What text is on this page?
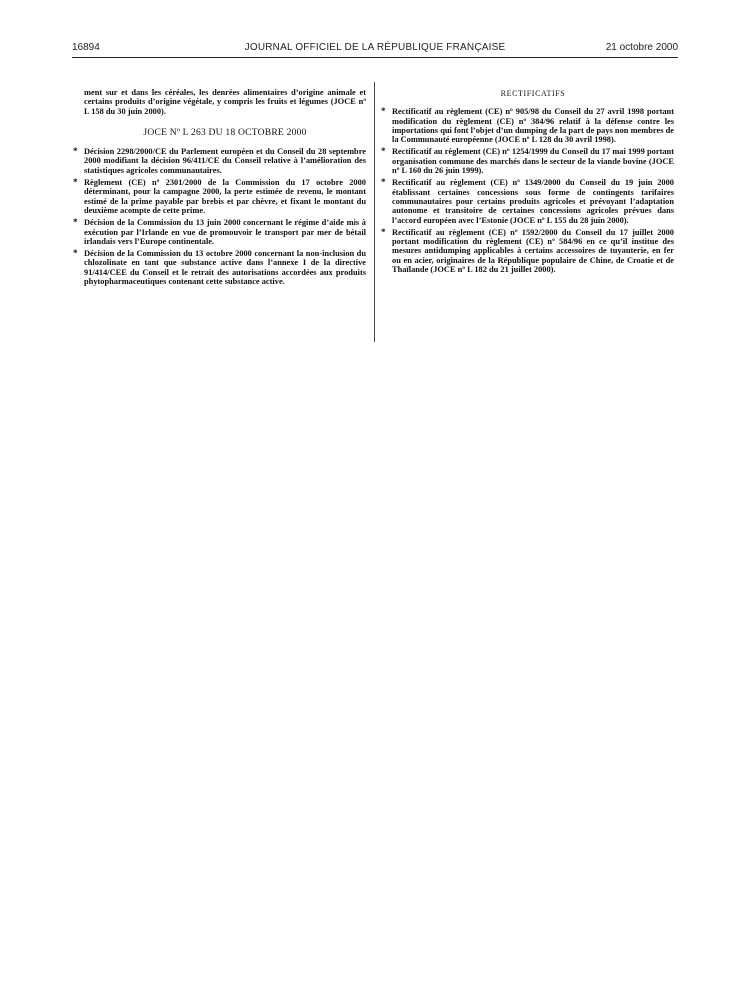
16894	JOURNAL OFFICIEL DE LA RÉPUBLIQUE FRANÇAISE	21 octobre 2000

ment sur et dans les céréales, les denrées alimentaires d’origine animale et certains produits d’origine végétale, y compris les fruits et légumes (JOCE nº L 158 du 30 juin 2000).

JOCE Nº L 263 DU 18 OCTOBRE 2000
* Décision 2298/2000/CE du Parlement européen et du Conseil du 28 septembre 2000 modifiant la décision 96/411/CE du Conseil relative à l’amélioration des statistiques agricoles communautaires.
* Règlement (CE) nº 2301/2000 de la Commission du 17 octobre 2000 déterminant, pour la campagne 2000, la perte estimée de revenu, le montant estimé de la prime payable par brebis et par chèvre, et fixant le montant du deuxième acompte de cette prime.
* Décision de la Commission du 13 juin 2000 concernant le régime d’aide mis à exécution par l’Irlande en vue de promouvoir le transport par mer de bétail irlandais vers l’Europe continentale.
* Décision de la Commission du 13 octobre 2000 concernant la non-inclusion du chlozolinate en tant que substance active dans l’annexe I de la directive 91/414/CEE du Conseil et le retrait des autorisations accordées aux produits phytopharmaceutiques contenant cette substance active.
RECTIFICATIFS
* Rectificatif au règlement (CE) nº 905/98 du Conseil du 27 avril 1998 portant modification du règlement (CE) nº 384/96 relatif à la défense contre les importations qui font l’objet d’un dumping de la part de pays non membres de la Communauté européenne (JOCE nº L 128 du 30 avril 1998).
* Rectificatif au règlement (CE) nº 1254/1999 du Conseil du 17 mai 1999 portant organisation commune des marchés dans le secteur de la viande bovine (JOCE nº L 160 du 26 juin 1999).
* Rectificatif au règlement (CE) nº 1349/2000 du Conseil du 19 juin 2000 établissant certaines concessions sous forme de contingents tarifaires communautaires pour certains produits agricoles et prévoyant l’adaptation autonome et transitoire de certaines concessions agricoles prévues dans l’accord européen avec l’Estonie (JOCE nº L 155 du 28 juin 2000).
* Rectificatif au règlement (CE) nº 1592/2000 du Conseil du 17 juillet 2000 portant modification du règlement (CE) nº 584/96 en ce qu’il institue des mesures antidumping applicables à certains accessoires de tuyauterie, en fer ou en acier, originaires de la République populaire de Chine, de Croatie et de Thaïlande (JOCE nº L 182 du 21 juillet 2000).
